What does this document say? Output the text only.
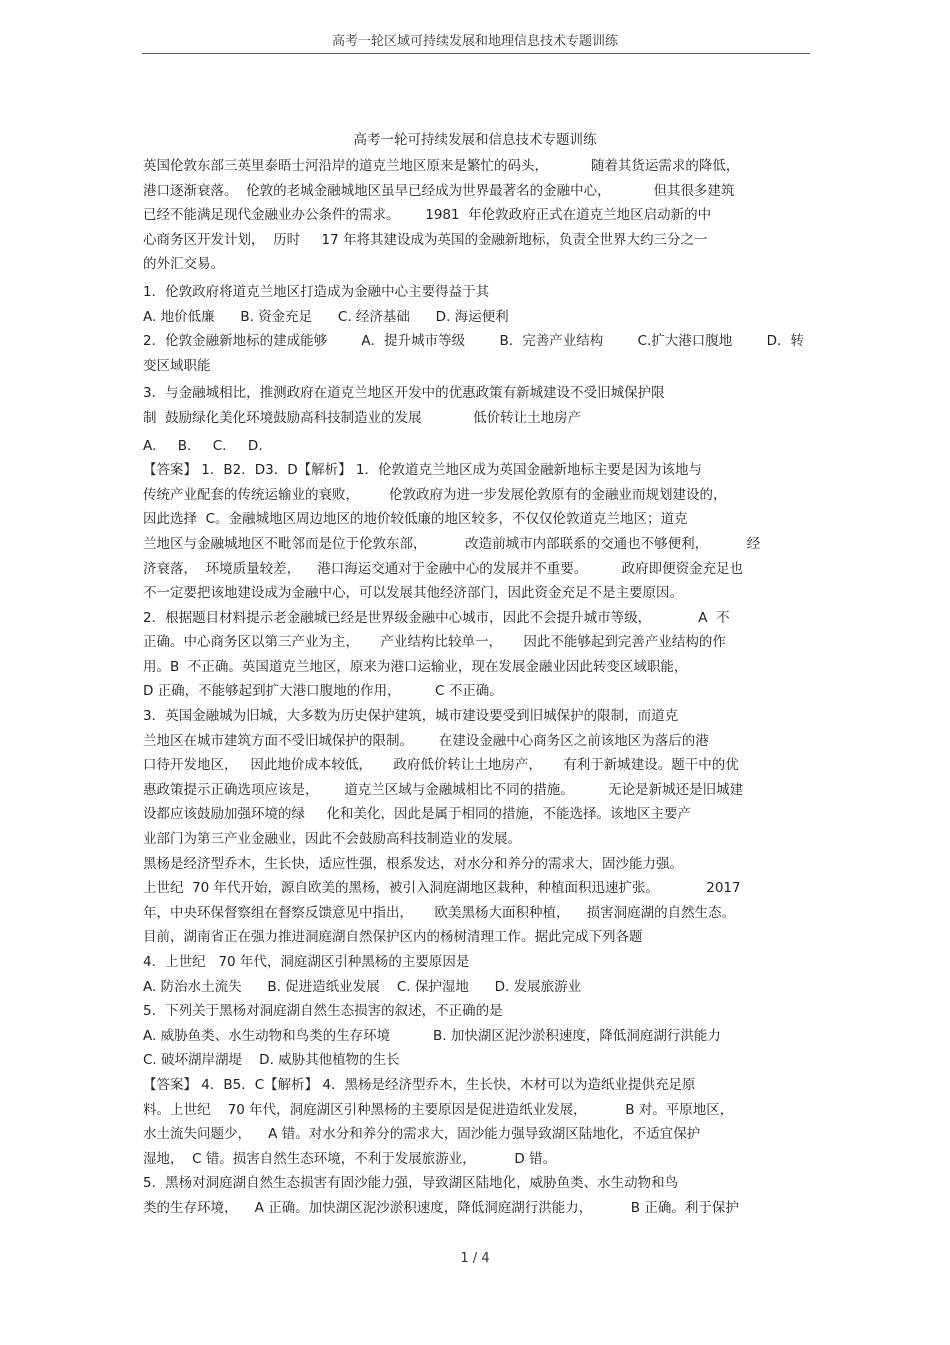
高考一轮区域可持续发展和地理信息技术专题训练
高考一轮可持续发展和信息技术专题训练
英国伦敦东部三英里泰晤士河沿岸的道克兰地区原来是繁忙的码头，          随着其货运需求的降低，
港口逐渐衰落。  伦敦的老城金融城地区虽早已经成为世界最著名的金融中心，          但其很多建筑
已经不能满足现代金融业办公条件的需求。      1981  年伦敦政府正式在道克兰地区启动新的中
心商务区开发计划，  历时     17 年将其建设成为英国的金融新地标，负责全世界大约三分之一
的外汇交易。
1．伦敦政府将道克兰地区打造成为金融中心主要得益于其
A. 地价低廉      B. 资金充足      C. 经济基础      D. 海运便利
2．伦敦金融新地标的建成能够        A．提升城市等级        B．完善产业结构        C.扩大港口腹地        D．转
变区域职能
3．与金融城相比，推测政府在道克兰地区开发中的优惠政策有新城建设不受旧城保护限
制  鼓励绿化美化环境鼓励高科技制造业的发展            低价转让土地房产
A.     B.     C.     D.
【答案】 1．B2．D3．D【解析】 1．伦敦道克兰地区成为英国金融新地标主要是因为该地与
传统产业配套的传统运输业的衰败，       伦敦政府为进一步发展伦敦原有的金融业而规划建设的，
因此选择  C。金融城地区周边地区的地价较低廉的地区较多，不仅仅伦敦道克兰地区；道克
兰地区与金融城地区不毗邻而是位于伦敦东部，         改造前城市内部联系的交通也不够便利，         经
济衰落，  环境质量较差，    港口海运交通对于金融中心的发展并不重要。        政府即便资金充足也
不一定要把该地建设成为金融中心，可以发展其他经济部门，因此资金充足不是主要原因。
2．根据题目材料提示老金融城已经是世界级金融中心城市，因此不会提升城市等级，           A  不
正确。中心商务区以第三产业为主，     产业结构比较单一，     因此不能够起到完善产业结构的作
用。B  不正确。英国道克兰地区，原来为港口运输业，现在发展金融业因此转变区域职能，
D 正确，不能够起到扩大港口腹地的作用，        C 不正确。
3．英国金融城为旧城，大多数为历史保护建筑，城市建设要受到旧城保护的限制，而道克
兰地区在城市建筑方面不受旧城保护的限制。      在建设金融中心商务区之前该地区为落后的港
口待开发地区，   因此地价成本较低，     政府低价转让土地房产，     有利于新城建设。题干中的优
惠政策提示正确选项应该是，      道克兰区域与金融城相比不同的措施。        无论是新城还是旧城建
设都应该鼓励加强环境的绿     化和美化，因此是属于相同的措施，不能选择。该地区主要产
业部门为第三产业金融业，因此不会鼓励高科技制造业的发展。
黑杨是经济型乔木，生长快，适应性强，根系发达，对水分和养分的需求大，固沙能力强。
上世纪  70 年代开始，源自欧美的黑杨，被引入洞庭湖地区栽种，种植面积迅速扩张。           2017
年，中央环保督察组在督察反馈意见中指出，     欧美黑杨大面积种植，    损害洞庭湖的自然生态。
目前，湖南省正在强力推进洞庭湖自然保护区内的杨树清理工作。据此完成下列各题
4．上世纪   70 年代，洞庭湖区引种黑杨的主要原因是
A. 防治水土流失      B. 促进造纸业发展    C. 保护湿地      D. 发展旅游业
5．下列关于黑杨对洞庭湖自然生态损害的叙述，不正确的是
A. 威胁鱼类、水生动物和鸟类的生存环境          B. 加快湖区泥沙淤积速度，降低洞庭湖行洪能力
C. 破坏湖岸湖堤    D. 威胁其他植物的生长
【答案】 4．B5．C【解析】 4．黑杨是经济型乔木，生长快，木材可以为造纸业提供充足原
料。上世纪    70 年代，洞庭湖区引种黑杨的主要原因是促进造纸业发展，         B 对。平原地区，
水土流失问题少，    A 错。对水分和养分的需求大，固沙能力强导致湖区陆地化，不适宜保护
湿地，  C 错。损害自然生态环境，不利于发展旅游业，         D 错。
5．黑杨对洞庭湖自然生态损害有固沙能力强，导致湖区陆地化，威胁鱼类、水生动物和鸟
类的生存环境，    A 正确。加快湖区泥沙淤积速度，降低洞庭湖行洪能力，         B 正确。利于保护
1 / 4
